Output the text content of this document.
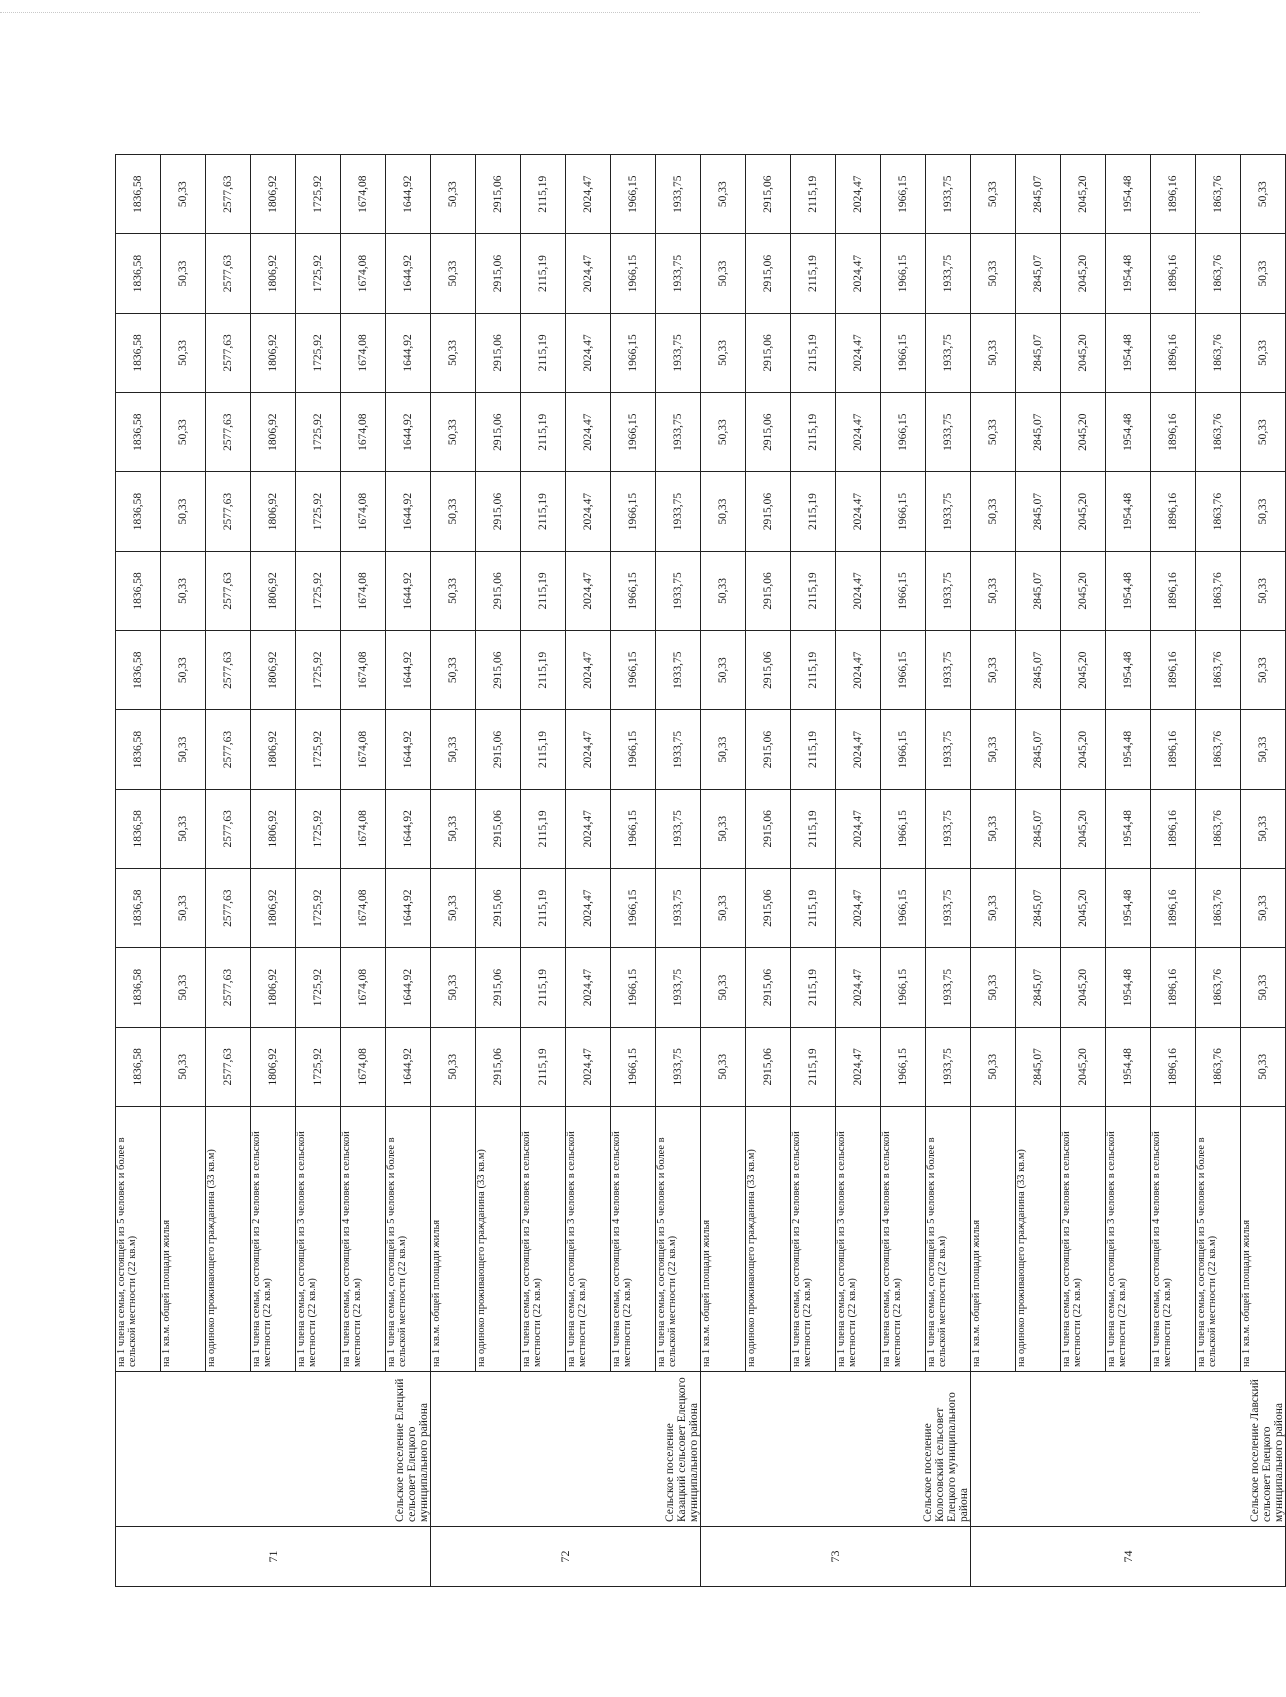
71	Сельское поселение Елецкий сельсовет Елецкого муниципального района	на 1 члена семьи, состоящей из 5 человек и более в сельской местности (22 кв.м)	1836,58	1836,58	1836,58	1836,58	1836,58	1836,58	1836,58	1836,58	1836,58	1836,58	1836,58	1836,58
		на 1 кв.м. общей площади жилья	50,33	50,33	50,33	50,33	50,33	50,33	50,33	50,33	50,33	50,33	50,33	50,33
		на одиноко проживающего гражданина (33 кв.м)	2577,63	2577,63	2577,63	2577,63	2577,63	2577,63	2577,63	2577,63	2577,63	2577,63	2577,63	2577,63
		на 1 члена семьи, состоящей из 2 человек в сельской местности (22 кв.м)	1806,92	1806,92	1806,92	1806,92	1806,92	1806,92	1806,92	1806,92	1806,92	1806,92	1806,92	1806,92
		на 1 члена семьи, состоящей из 3 человек в сельской местности (22 кв.м)	1725,92	1725,92	1725,92	1725,92	1725,92	1725,92	1725,92	1725,92	1725,92	1725,92	1725,92	1725,92
		на 1 члена семьи, состоящей из 4 человек в сельской местности (22 кв.м)	1674,08	1674,08	1674,08	1674,08	1674,08	1674,08	1674,08	1674,08	1674,08	1674,08	1674,08	1674,08
		на 1 члена семьи, состоящей из 5 человек и более в сельской местности (22 кв.м)	1644,92	1644,92	1644,92	1644,92	1644,92	1644,92	1644,92	1644,92	1644,92	1644,92	1644,92	1644,92
72	Сельское поселение Казацкий сельсовет Елецкого муниципального района	на 1 кв.м. общей площади жилья	50,33	50,33	50,33	50,33	50,33	50,33	50,33	50,33	50,33	50,33	50,33	50,33
		на одиноко проживающего гражданина (33 кв.м)	2915,06	2915,06	2915,06	2915,06	2915,06	2915,06	2915,06	2915,06	2915,06	2915,06	2915,06	2915,06
		на 1 члена семьи, состоящей из 2 человек в сельской местности (22 кв.м)	2115,19	2115,19	2115,19	2115,19	2115,19	2115,19	2115,19	2115,19	2115,19	2115,19	2115,19	2115,19
		на 1 члена семьи, состоящей из 3 человек в сельской местности (22 кв.м)	2024,47	2024,47	2024,47	2024,47	2024,47	2024,47	2024,47	2024,47	2024,47	2024,47	2024,47	2024,47
		на 1 члена семьи, состоящей из 4 человек в сельской местности (22 кв.м)	1966,15	1966,15	1966,15	1966,15	1966,15	1966,15	1966,15	1966,15	1966,15	1966,15	1966,15	1966,15
		на 1 члена семьи, состоящей из 5 человек и более в сельской местности (22 кв.м)	1933,75	1933,75	1933,75	1933,75	1933,75	1933,75	1933,75	1933,75	1933,75	1933,75	1933,75	1933,75
73	Сельское поселение Колосовский сельсовет Елецкого муниципального района	на 1 кв.м. общей площади жилья	50,33	50,33	50,33	50,33	50,33	50,33	50,33	50,33	50,33	50,33	50,33	50,33
		на одиноко проживающего гражданина (33 кв.м)	2915,06	2915,06	2915,06	2915,06	2915,06	2915,06	2915,06	2915,06	2915,06	2915,06	2915,06	2915,06
		на 1 члена семьи, состоящей из 2 человек в сельской местности (22 кв.м)	2115,19	2115,19	2115,19	2115,19	2115,19	2115,19	2115,19	2115,19	2115,19	2115,19	2115,19	2115,19
		на 1 члена семьи, состоящей из 3 человек в сельской местности (22 кв.м)	2024,47	2024,47	2024,47	2024,47	2024,47	2024,47	2024,47	2024,47	2024,47	2024,47	2024,47	2024,47
		на 1 члена семьи, состоящей из 4 человек в сельской местности (22 кв.м)	1966,15	1966,15	1966,15	1966,15	1966,15	1966,15	1966,15	1966,15	1966,15	1966,15	1966,15	1966,15
		на 1 члена семьи, состоящей из 5 человек и более в сельской местности (22 кв.м)	1933,75	1933,75	1933,75	1933,75	1933,75	1933,75	1933,75	1933,75	1933,75	1933,75	1933,75	1933,75
74	Сельское поселение Лавский сельсовет Елецкого муниципального района	на 1 кв.м. общей площади жилья	50,33	50,33	50,33	50,33	50,33	50,33	50,33	50,33	50,33	50,33	50,33	50,33
		на одиноко проживающего гражданина (33 кв.м)	2845,07	2845,07	2845,07	2845,07	2845,07	2845,07	2845,07	2845,07	2845,07	2845,07	2845,07	2845,07
		на 1 члена семьи, состоящей из 2 человек в сельской местности (22 кв.м)	2045,20	2045,20	2045,20	2045,20	2045,20	2045,20	2045,20	2045,20	2045,20	2045,20	2045,20	2045,20
		на 1 члена семьи, состоящей из 3 человек в сельской местности (22 кв.м)	1954,48	1954,48	1954,48	1954,48	1954,48	1954,48	1954,48	1954,48	1954,48	1954,48	1954,48	1954,48
		на 1 члена семьи, состоящей из 4 человек в сельской местности (22 кв.м)	1896,16	1896,16	1896,16	1896,16	1896,16	1896,16	1896,16	1896,16	1896,16	1896,16	1896,16	1896,16
		на 1 члена семьи, состоящей из 5 человек и более в сельской местности (22 кв.м)	1863,76	1863,76	1863,76	1863,76	1863,76	1863,76	1863,76	1863,76	1863,76	1863,76	1863,76	1863,76
		на 1 кв.м. общей площади жилья	50,33	50,33	50,33	50,33	50,33	50,33	50,33	50,33	50,33	50,33	50,33	50,33
